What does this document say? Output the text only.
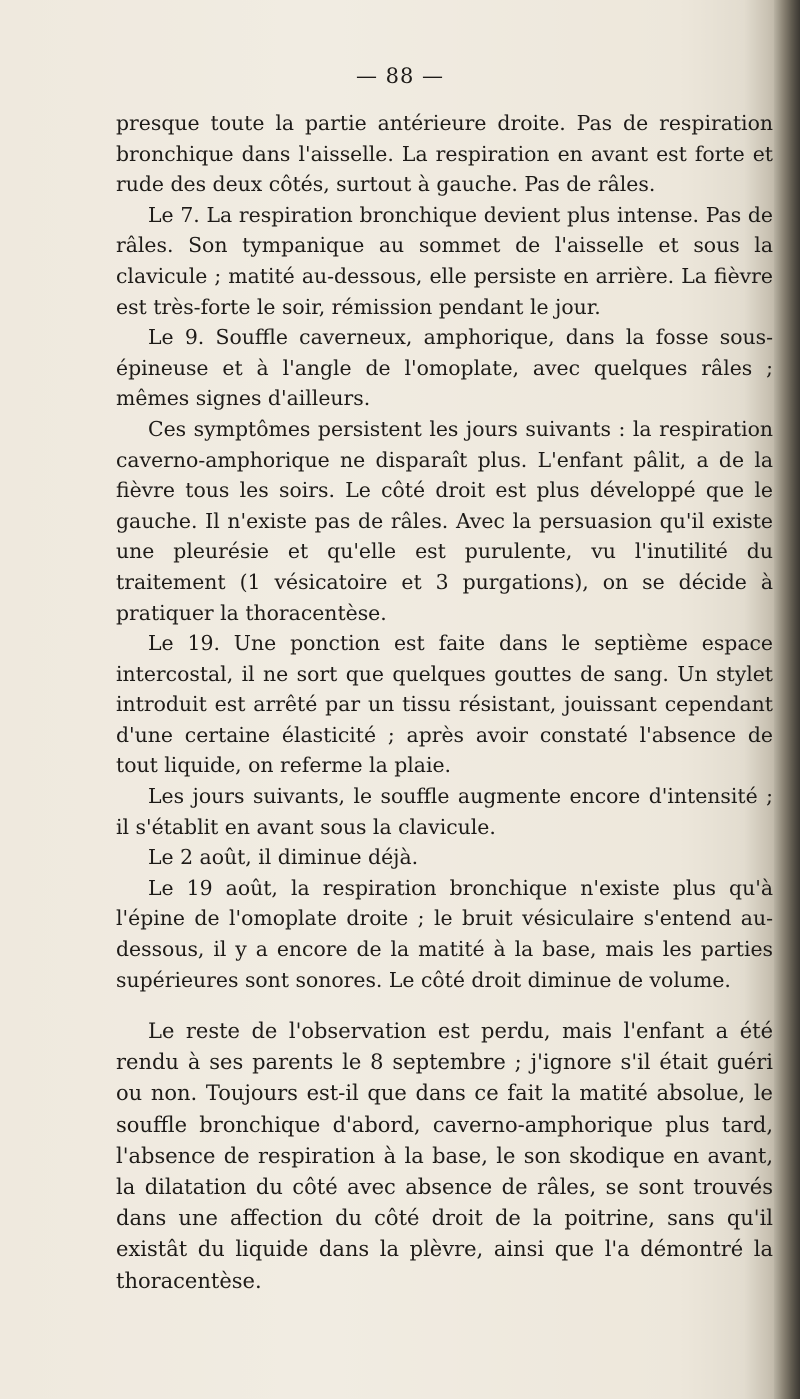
— 88 —

presque toute la partie antérieure droite. Pas de respiration bronchique dans l'aisselle. La respiration en avant est forte et rude des deux côtés, surtout à gauche. Pas de râles.

Le 7. La respiration bronchique devient plus intense. Pas de râles. Son tympanique au sommet de l'aisselle et sous la clavicule ; matité au-dessous, elle persiste en arrière. La fièvre est très-forte le soir, rémission pendant le jour.

Le 9. Souffle caverneux, amphorique, dans la fosse sous-épineuse et à l'angle de l'omoplate, avec quelques râles ; mêmes signes d'ailleurs.

Ces symptômes persistent les jours suivants : la respiration caverno-amphorique ne disparaît plus. L'enfant pâlit, a de la fièvre tous les soirs. Le côté droit est plus développé que le gauche. Il n'existe pas de râles. Avec la persuasion qu'il existe une pleurésie et qu'elle est purulente, vu l'inutilité du traitement (1 vésicatoire et 3 purgations), on se décide à pratiquer la thoracentèse.

Le 19. Une ponction est faite dans le septième espace intercostal, il ne sort que quelques gouttes de sang. Un stylet introduit est arrêté par un tissu résistant, jouissant cependant d'une certaine élasticité ; après avoir constaté l'absence de tout liquide, on referme la plaie.

Les jours suivants, le souffle augmente encore d'intensité ; il s'établit en avant sous la clavicule.

Le 2 août, il diminue déjà.

Le 19 août, la respiration bronchique n'existe plus qu'à l'épine de l'omoplate droite ; le bruit vésiculaire s'entend au-dessous, il y a encore de la matité à la base, mais les parties supérieures sont sonores. Le côté droit diminue de volume.

Le reste de l'observation est perdu, mais l'enfant a été rendu à ses parents le 8 septembre ; j'ignore s'il était guéri ou non. Toujours est-il que dans ce fait la matité absolue, le souffle bronchique d'abord, caverno-amphorique plus tard, l'absence de respiration à la base, le son skodique en avant, la dilatation du côté avec absence de râles, se sont trouvés dans une affection du côté droit de la poitrine, sans qu'il existât du liquide dans la plèvre, ainsi que l'a démontré la thoracentèse.
